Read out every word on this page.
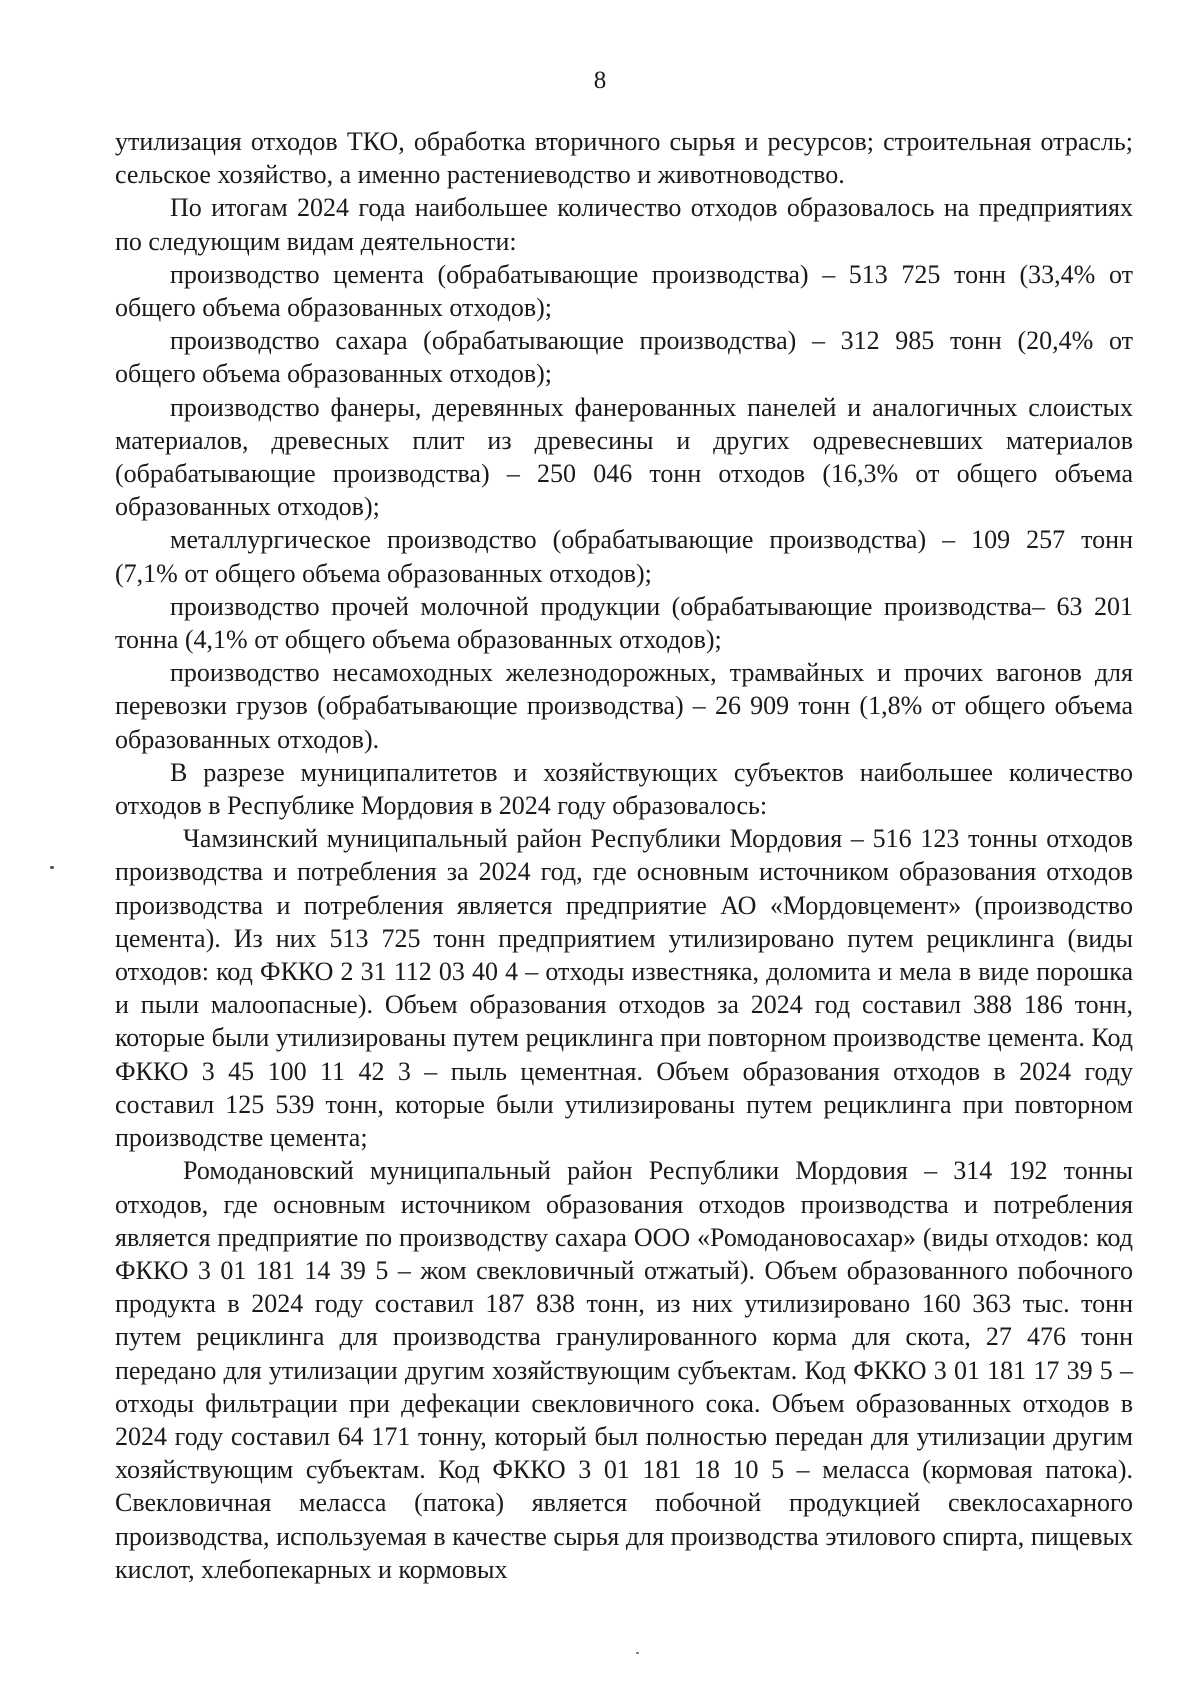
8

утилизация отходов ТКО, обработка вторичного сырья и ресурсов; строительная отрасль; сельское хозяйство, а именно растениеводство и животноводство.

По итогам 2024 года наибольшее количество отходов образовалось на предприятиях по следующим видам деятельности:

производство цемента (обрабатывающие производства) – 513 725 тонн (33,4% от общего объема образованных отходов);

производство сахара (обрабатывающие производства) – 312 985 тонн (20,4% от общего объема образованных отходов);

производство фанеры, деревянных фанерованных панелей и аналогичных слоистых материалов, древесных плит из древесины и других одревесневших материалов (обрабатывающие производства) – 250 046 тонн отходов (16,3% от общего объема образованных отходов);

металлургическое производство (обрабатывающие производства) – 109 257 тонн (7,1% от общего объема образованных отходов);

производство прочей молочной продукции (обрабатывающие производства– 63 201 тонна (4,1% от общего объема образованных отходов);

производство несамоходных железнодорожных, трамвайных и прочих вагонов для перевозки грузов (обрабатывающие производства) – 26 909 тонн (1,8% от общего объема образованных отходов).

В разрезе муниципалитетов и хозяйствующих субъектов наибольшее количество отходов в Республике Мордовия в 2024 году образовалось:

Чамзинский муниципальный район Республики Мордовия – 516 123 тонны отходов производства и потребления за 2024 год, где основным источником образования отходов производства и потребления является предприятие АО «Мордовцемент» (производство цемента). Из них 513 725 тонн предприятием утилизировано путем рециклинга (виды отходов: код ФККО 2 31 112 03 40 4 – отходы известняка, доломита и мела в виде порошка и пыли малоопасные). Объем образования отходов за 2024 год составил 388 186 тонн, которые были утилизированы путем рециклинга при повторном производстве цемента. Код ФККО 3 45 100 11 42 3 – пыль цементная. Объем образования отходов в 2024 году составил 125 539 тонн, которые были утилизированы путем рециклинга при повторном производстве цемента;

Ромодановский муниципальный район Республики Мордовия – 314 192 тонны отходов, где основным источником образования отходов производства и потребления является предприятие по производству сахара ООО «Ромодановосахар» (виды отходов: код ФККО 3 01 181 14 39 5 – жом свекловичный отжатый). Объем образованного побочного продукта в 2024 году составил 187 838 тонн, из них утилизировано 160 363 тыс. тонн путем рециклинга для производства гранулированного корма для скота, 27 476 тонн передано для утилизации другим хозяйствующим субъектам. Код ФККО 3 01 181 17 39 5 – отходы фильтрации при дефекации свекловичного сока. Объем образованных отходов в 2024 году составил 64 171 тонну, который был полностью передан для утилизации другим хозяйствующим субъектам. Код ФККО 3 01 181 18 10 5 – меласса (кормовая патока). Свекловичная меласса (патока) является побочной продукцией свеклосахарного производства, используемая в качестве сырья для производства этилового спирта, пищевых кислот, хлебопекарных и кормовых
